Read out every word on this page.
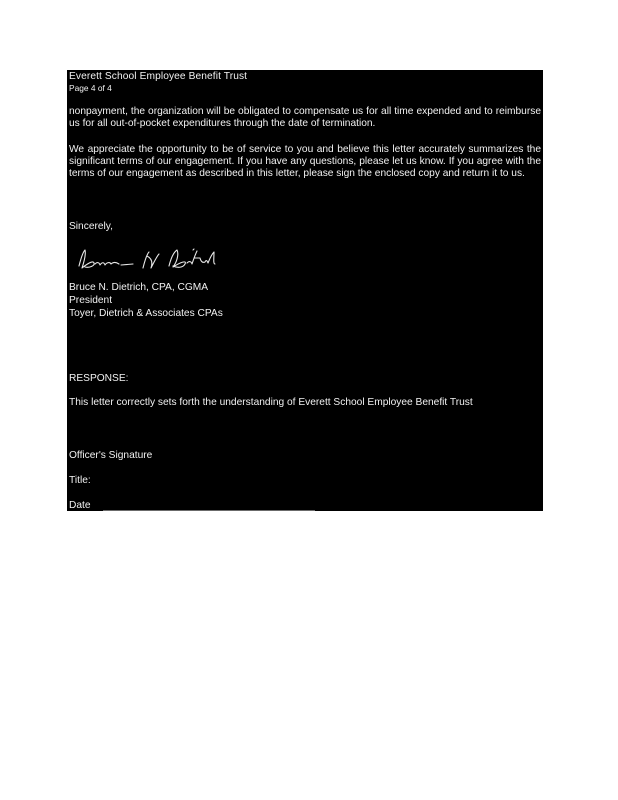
Everett School Employee Benefit Trust
Page 4 of 4
nonpayment, the organization will be obligated to compensate us for all time expended and to reimburse us for all out-of-pocket expenditures through the date of termination.
We appreciate the opportunity to be of service to you and believe this letter accurately summarizes the significant terms of our engagement. If you have any questions, please let us know. If you agree with the terms of our engagement as described in this letter, please sign the enclosed copy and return it to us.
Sincerely,
Bruce N. Dietrich, CPA, CGMA
President
Toyer, Dietrich & Associates CPAs
RESPONSE:
This letter correctly sets forth the understanding of Everett School Employee Benefit Trust
Officer's Signature
Title:
Date
